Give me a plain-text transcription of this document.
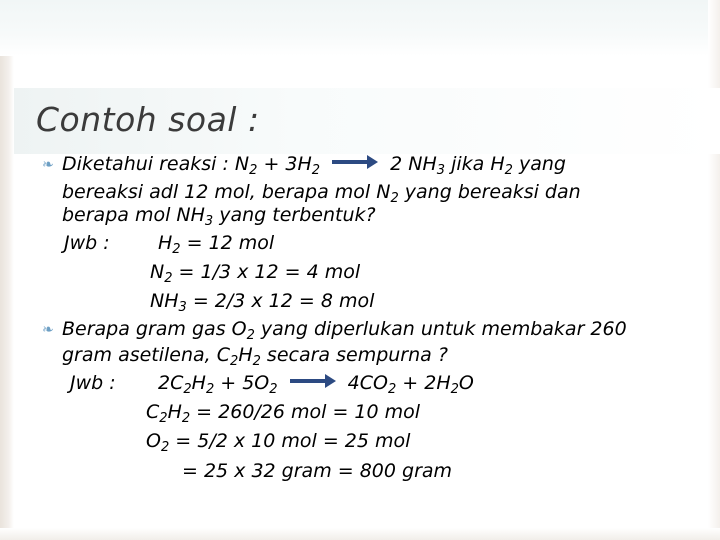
Contoh soal :
❧ Diketahui reaksi : $N_2 + 3H_2$	2 $NH_3$ jika $H_2$ yang
bereaksi adl 12 mol, berapa mol $N_2$ yang bereaksi dan
berapa mol $NH_3$ yang terbentuk?
Jwb :	$H_2 = 12$ mol
$N_2 = 1/3$ x 12 = 4 mol
$NH_3 = 2/3$ x 12 = 8 mol
❧ Berapa gram gas $O_2$ yang diperlukan untuk membakar 260
gram asetilena, $C_2H_2$ secara sempurna ?
Jwb : $2C_2H_2 + 5O_2$	$4CO_2 + 2H_2O$
$C_2H_2 = 260/26$ mol = 10 mol
$O_2 = 5/2$ x 10 mol = 25 mol
= 25 x 32 gram = 800 gram
